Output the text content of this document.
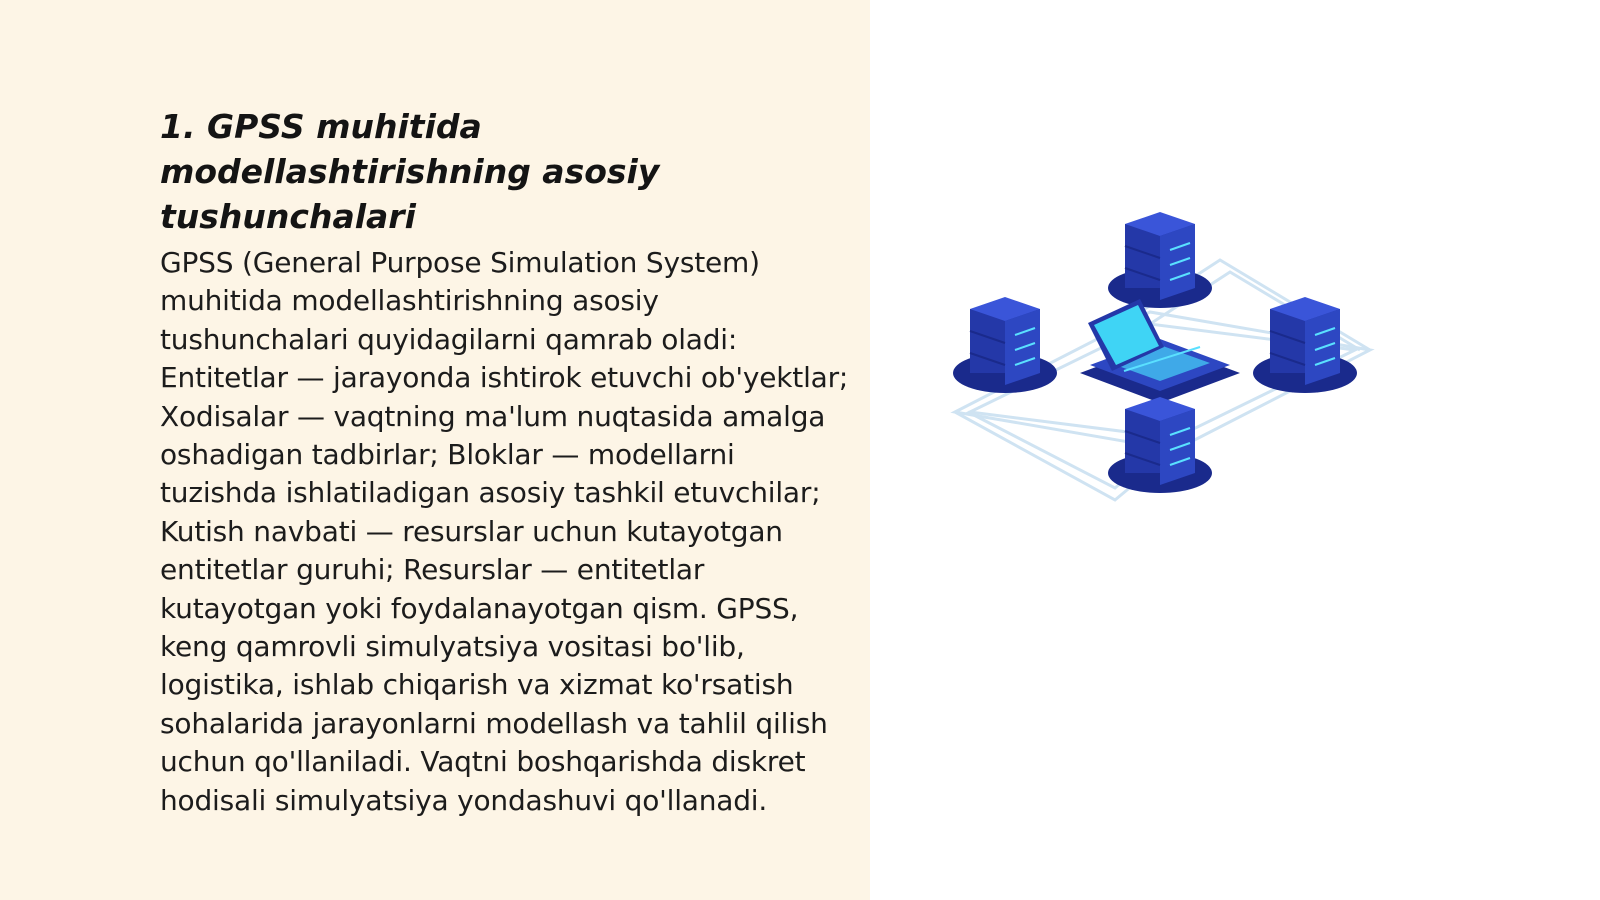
1. GPSS muhitida modellashtirishning asosiy tushunchalari

GPSS (General Purpose Simulation System) muhitida modellashtirishning asosiy tushunchalari quyidagilarni qamrab oladi: Entitetlar — jarayonda ishtirok etuvchi ob'yektlar; Xodisalar — vaqtning ma'lum nuqtasida amalga oshadigan tadbirlar; Bloklar — modellarni tuzishda ishlatiladigan asosiy tashkil etuvchilar; Kutish navbati — resurslar uchun kutayotgan entitetlar guruhi; Resurslar — entitetlar kutayotgan yoki foydalanayotgan qism. GPSS, keng qamrovli simulyatsiya vositasi bo'lib, logistika, ishlab chiqarish va xizmat ko'rsatish sohalarida jarayonlarni modellash va tahlil qilish uchun qo'llaniladi. Vaqtni boshqarishda diskret hodisali simulyatsiya yondashuvi qo'llanadi.
